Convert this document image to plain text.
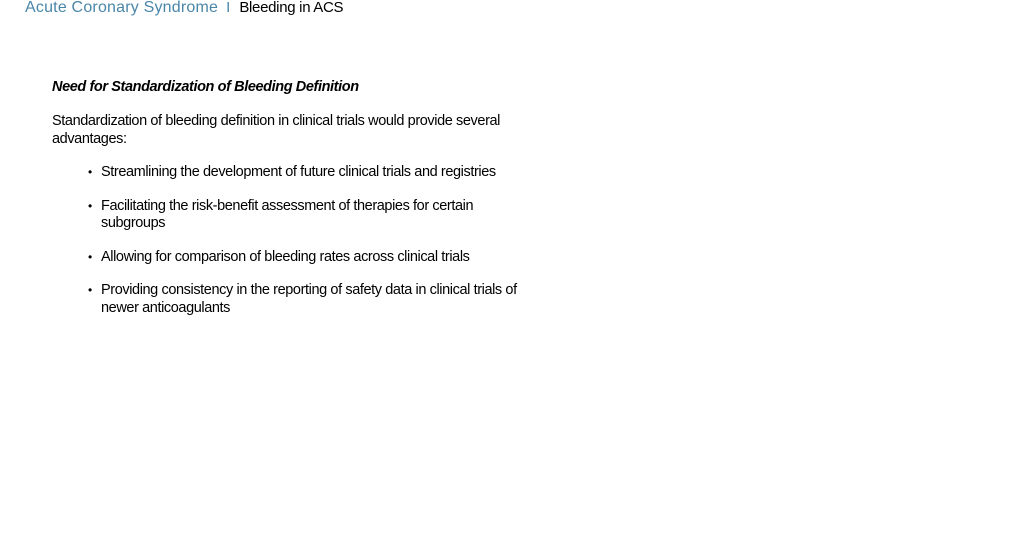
Acute Coronary Syndrome I Bleeding in ACS

Need for Standardization of Bleeding Definition

Standardization of bleeding definition in clinical trials would provide several advantages:

• Streamlining the development of future clinical trials and registries
• Facilitating the risk-benefit assessment of therapies for certain subgroups
• Allowing for comparison of bleeding rates across clinical trials
• Providing consistency in the reporting of safety data in clinical trials of newer anticoagulants
